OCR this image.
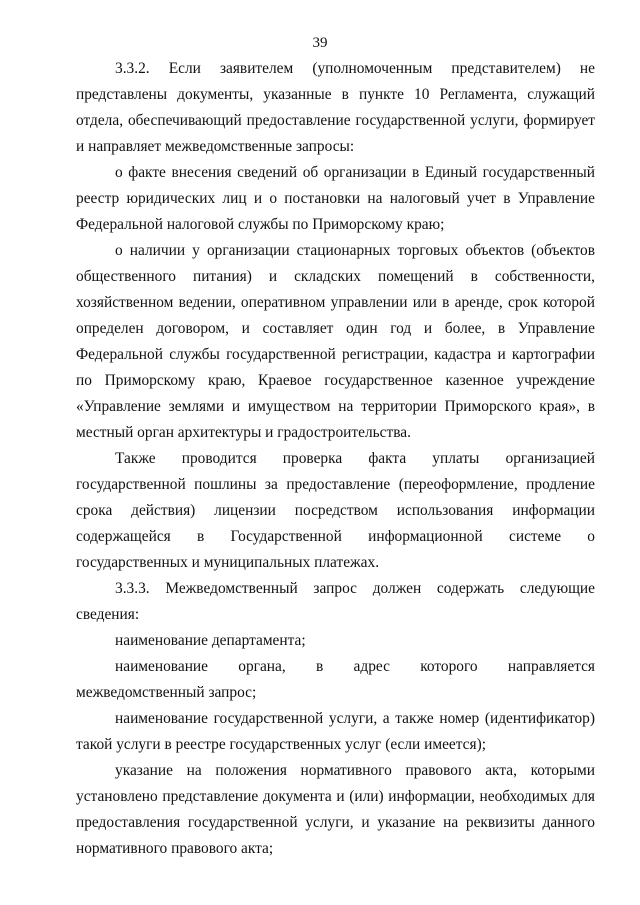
39

3.3.2. Если заявителем (уполномоченным представителем) не представлены документы, указанные в пункте 10 Регламента, служащий отдела, обеспечивающий предоставление государственной услуги, формирует и направляет межведомственные запросы:

о факте внесения сведений об организации в Единый государственный реестр юридических лиц и о постановки на налоговый учет в Управление Федеральной налоговой службы по Приморскому краю;

о наличии у организации стационарных торговых объектов (объектов общественного питания) и складских помещений в собственности, хозяйственном ведении, оперативном управлении или в аренде, срок которой определен договором, и составляет один год и более, в Управление Федеральной службы государственной регистрации, кадастра и картографии по Приморскому краю, Краевое государственное казенное учреждение «Управление землями и имуществом на территории Приморского края», в местный орган архитектуры и градостроительства.

Также проводится проверка факта уплаты организацией государственной пошлины за предоставление (переоформление, продление срока действия) лицензии посредством использования информации содержащейся в Государственной информационной системе о государственных и муниципальных платежах.

3.3.3. Межведомственный запрос должен содержать следующие сведения:

наименование департамента;

наименование органа, в адрес которого направляется межведомственный запрос;

наименование государственной услуги, а также номер (идентификатор) такой услуги в реестре государственных услуг (если имеется);

указание на положения нормативного правового акта, которыми установлено представление документа и (или) информации, необходимых для предоставления государственной услуги, и указание на реквизиты данного нормативного правового акта;
